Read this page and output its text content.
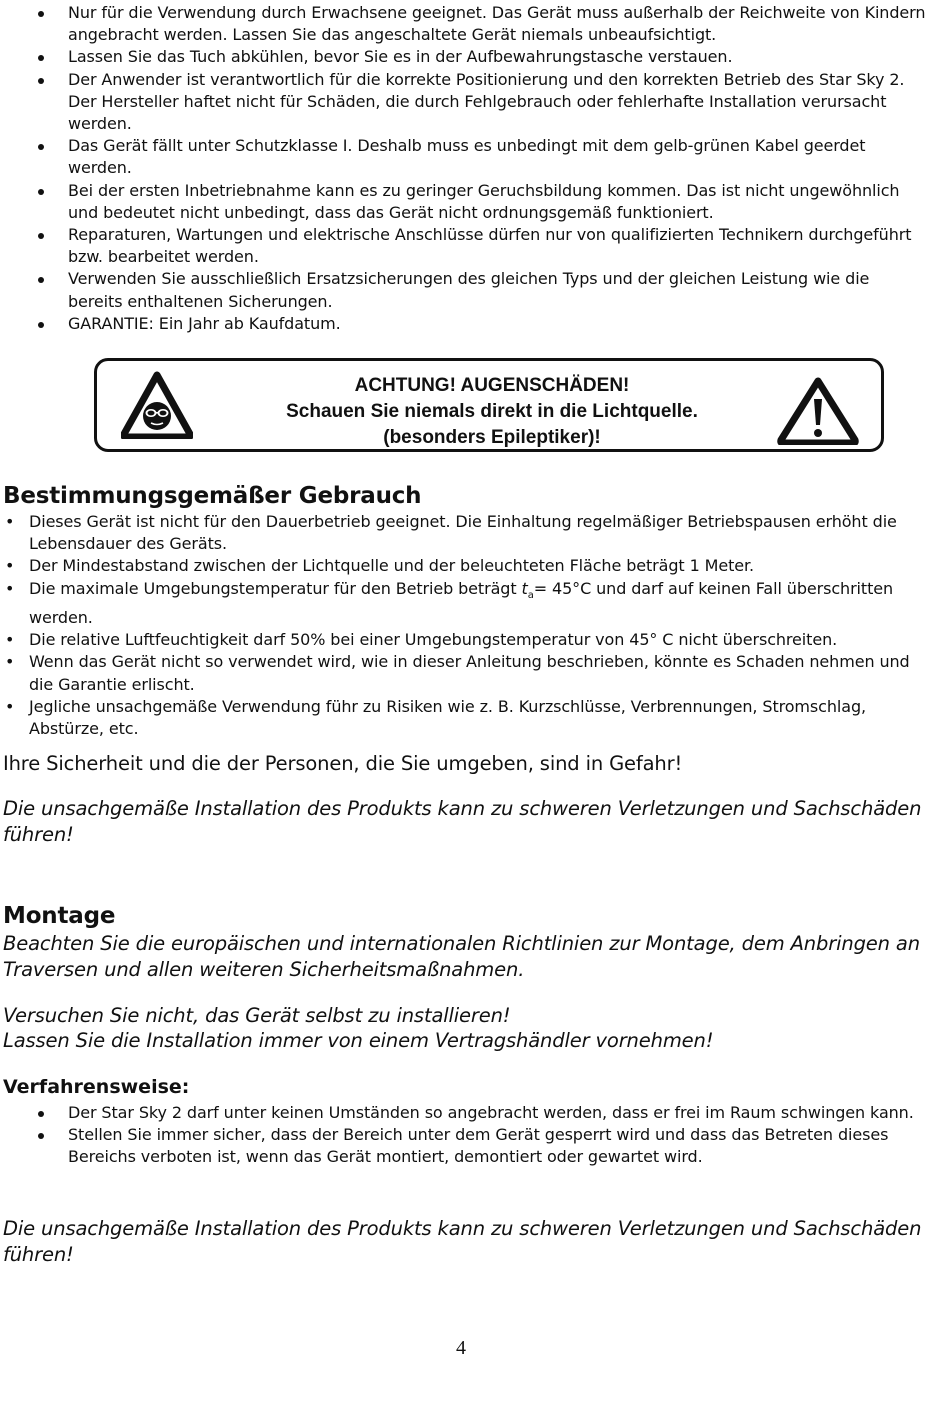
Nur für die Verwendung durch Erwachsene geeignet. Das Gerät muss außerhalb der Reichweite von Kindern angebracht werden. Lassen Sie das angeschaltete Gerät niemals unbeaufsichtigt.
Lassen Sie das Tuch abkühlen, bevor Sie es in der Aufbewahrungstasche verstauen.
Der Anwender ist verantwortlich für die korrekte Positionierung und den korrekten Betrieb des Star Sky 2. Der Hersteller haftet nicht für Schäden, die durch Fehlgebrauch oder fehlerhafte Installation verursacht werden.
Das Gerät fällt unter Schutzklasse I. Deshalb muss es unbedingt mit dem gelb-grünen Kabel geerdet werden.
Bei der ersten Inbetriebnahme kann es zu geringer Geruchsbildung kommen. Das ist nicht ungewöhnlich und bedeutet nicht unbedingt, dass das Gerät nicht ordnungsgemäß funktioniert.
Reparaturen, Wartungen und elektrische Anschlüsse dürfen nur von qualifizierten Technikern durchgeführt bzw. bearbeitet werden.
Verwenden Sie ausschließlich Ersatzsicherungen des gleichen Typs und der gleichen Leistung wie die bereits enthaltenen Sicherungen.
GARANTIE: Ein Jahr ab Kaufdatum.
ACHTUNG! AUGENSCHÄDEN!
Schauen Sie niemals direkt in die Lichtquelle.
(besonders Epileptiker)!
Bestimmungsgemäßer Gebrauch
• Dieses Gerät ist nicht für den Dauerbetrieb geeignet. Die Einhaltung regelmäßiger Betriebspausen erhöht die Lebensdauer des Geräts.
• Der Mindestabstand zwischen der Lichtquelle und der beleuchteten Fläche beträgt 1 Meter.
• Die maximale Umgebungstemperatur für den Betrieb beträgt $t_a= 45^\circ C$ und darf auf keinen Fall überschritten werden.
• Die relative Luftfeuchtigkeit darf 50% bei einer Umgebungstemperatur von 45° C nicht überschreiten.
• Wenn das Gerät nicht so verwendet wird, wie in dieser Anleitung beschrieben, könnte es Schaden nehmen und die Garantie erlischt.
• Jegliche unsachgemäße Verwendung führ zu Risiken wie z. B. Kurzschlüsse, Verbrennungen, Stromschlag, Abstürze, etc.
Ihre Sicherheit und die der Personen, die Sie umgeben, sind in Gefahr!
Die unsachgemäße Installation des Produkts kann zu schweren Verletzungen und Sachschäden führen!
Montage
Beachten Sie die europäischen und internationalen Richtlinien zur Montage, dem Anbringen an Traversen und allen weiteren Sicherheitsmaßnahmen.
Versuchen Sie nicht, das Gerät selbst zu installieren!
Lassen Sie die Installation immer von einem Vertragshändler vornehmen!
Verfahrensweise:
Der Star Sky 2 darf unter keinen Umständen so angebracht werden, dass er frei im Raum schwingen kann.
Stellen Sie immer sicher, dass der Bereich unter dem Gerät gesperrt wird und dass das Betreten dieses Bereichs verboten ist, wenn das Gerät montiert, demontiert oder gewartet wird.
Die unsachgemäße Installation des Produkts kann zu schweren Verletzungen und Sachschäden führen!
4
